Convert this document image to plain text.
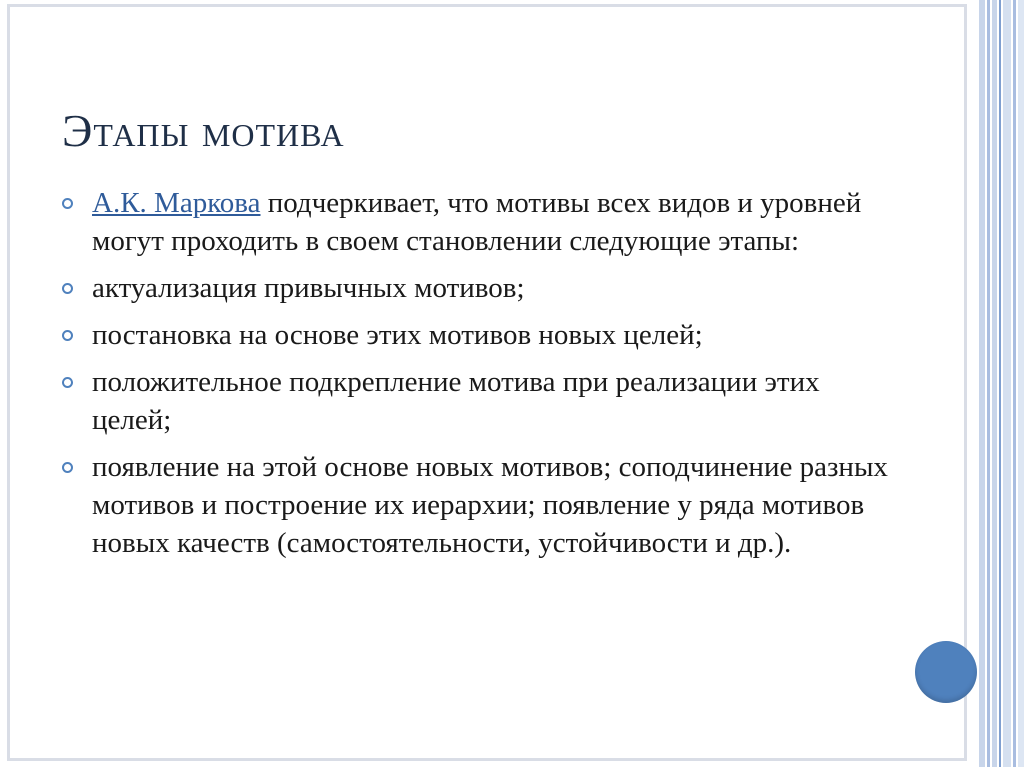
Этапы мотива
А.К. Маркова подчеркивает, что мотивы всех видов и уровней могут проходить в своем становлении следующие этапы:
актуализация привычных мотивов;
постановка на основе этих мотивов новых целей;
положительное подкрепление мотива при реализации этих целей;
появление на этой основе новых мотивов; соподчинение разных мотивов и построение их иерархии; появление у ряда мотивов новых качеств (самостоятельности, устойчивости и др.).
